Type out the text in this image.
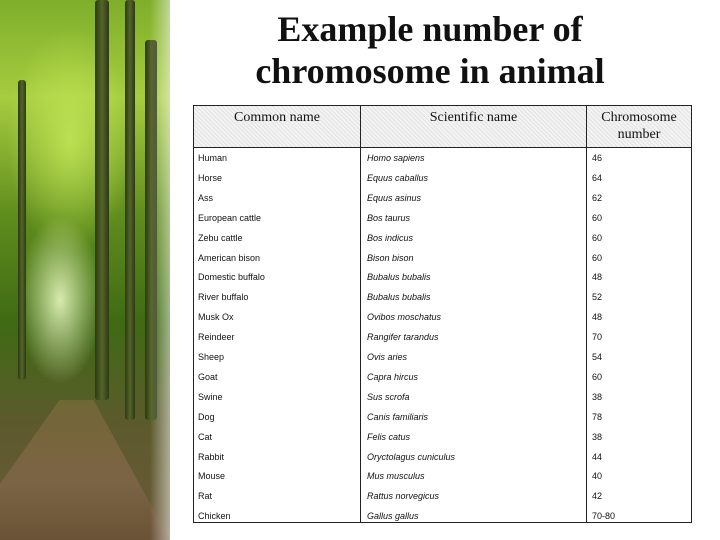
Example number of
chromosome in animal
Common name	Scientific name	Chromosome
number
Human	Homo sapiens	46
Horse	Equus caballus	64
Ass	Equus asinus	62
European cattle	Bos taurus	60
Zebu cattle	Bos indicus	60
American bison	Bison bison	60
Domestic buffalo	Bubalus bubalis	48
River buffalo	Bubalus bubalis	52
Musk Ox	Ovibos moschatus	48
Reindeer	Rangifer tarandus	70
Sheep	Ovis aries	54
Goat	Capra hircus	60
Swine	Sus scrofa	38
Dog	Canis familiaris	78
Cat	Felis catus	38
Rabbit	Oryctolagus cuniculus	44
Mouse	Mus musculus	40
Rat	Rattus norvegicus	42
Chicken	Gallus gallus	70-80
